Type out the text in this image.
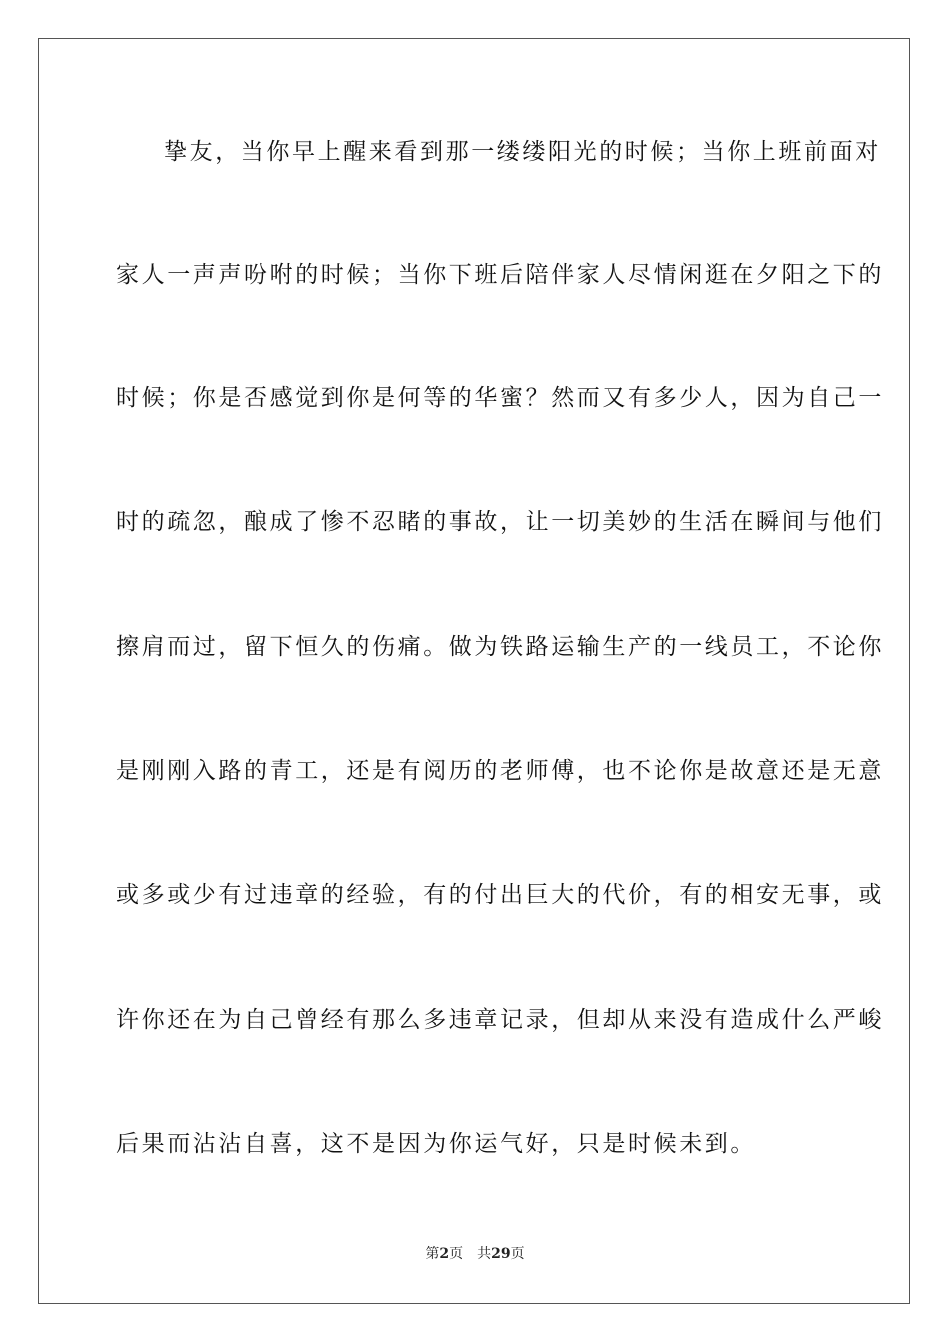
挚友，当你早上醒来看到那一缕缕阳光的时候；当你上班前面对
家人一声声吩咐的时候；当你下班后陪伴家人尽情闲逛在夕阳之下的
时候；你是否感觉到你是何等的华蜜？然而又有多少人，因为自己一
时的疏忽，酿成了惨不忍睹的事故，让一切美妙的生活在瞬间与他们
擦肩而过，留下恒久的伤痛。做为铁路运输生产的一线员工，不论你
是刚刚入路的青工，还是有阅历的老师傅，也不论你是故意还是无意
或多或少有过违章的经验，有的付出巨大的代价，有的相安无事，或
许你还在为自己曾经有那么多违章记录，但却从来没有造成什么严峻
后果而沾沾自喜，这不是因为你运气好，只是时候未到。
第2页 共29页
